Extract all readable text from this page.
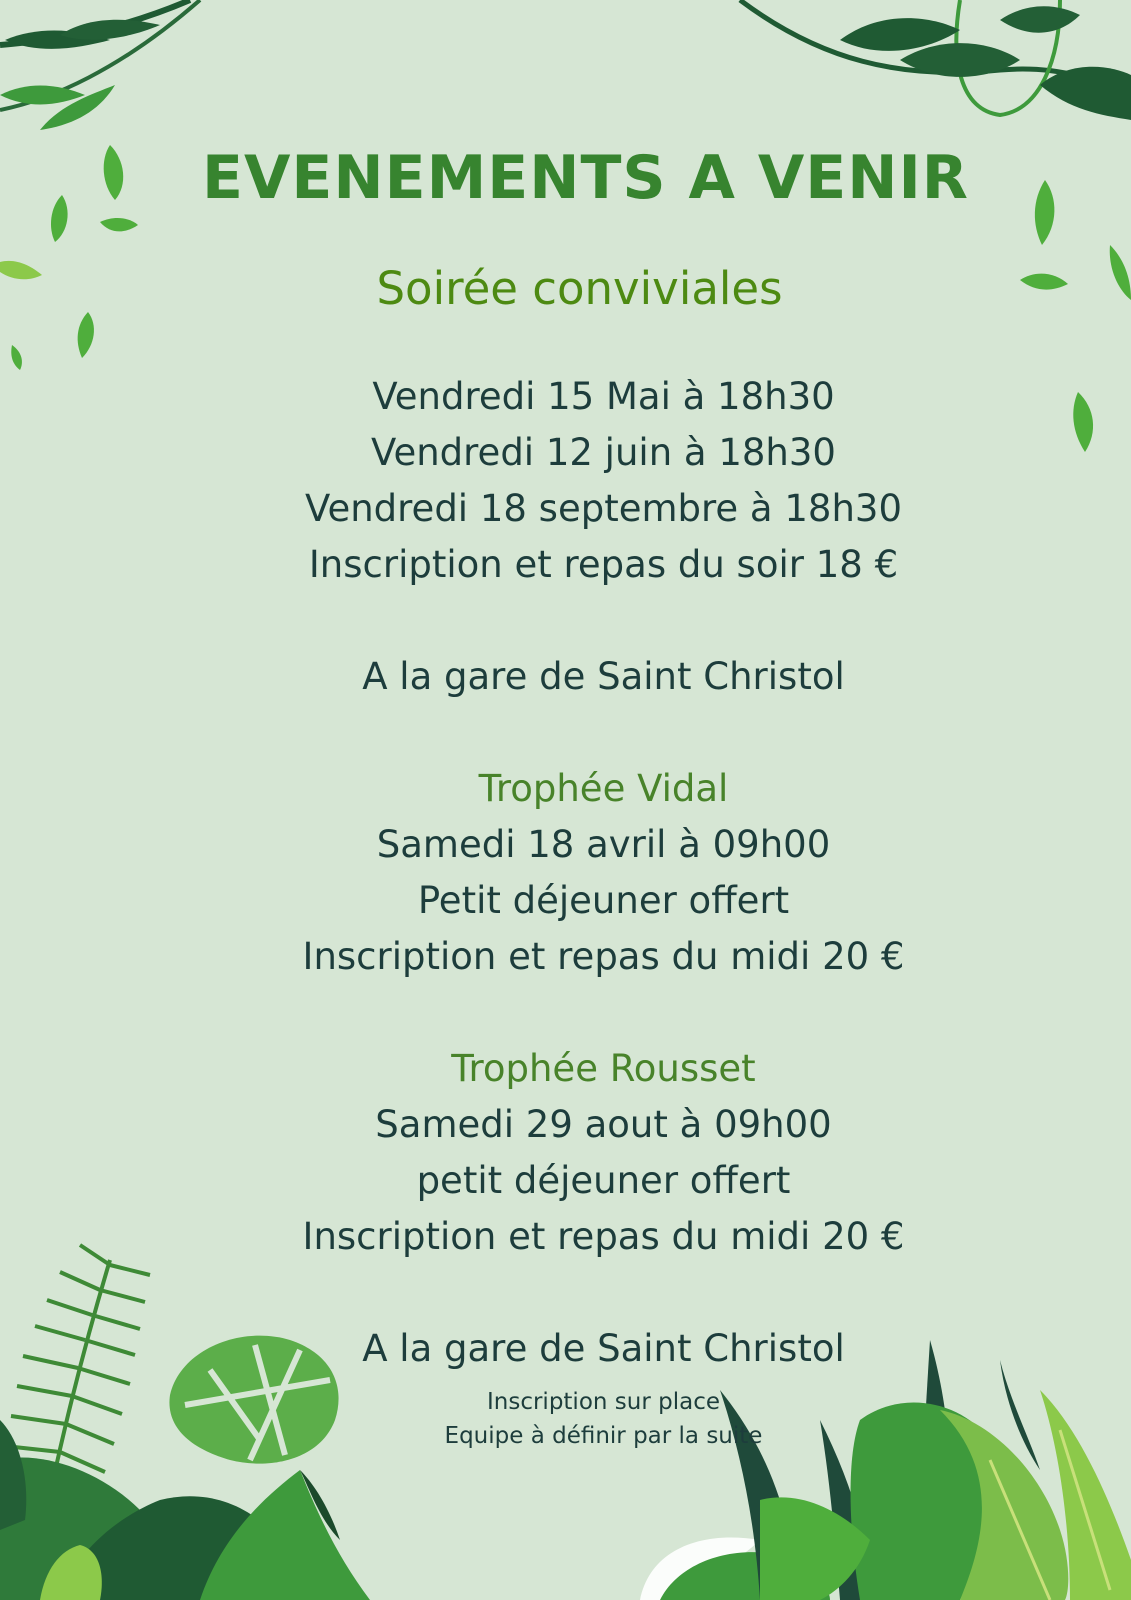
EVENEMENTS A VENIR
Soirée conviviales
Vendredi 15 Mai à 18h30
Vendredi 12 juin à 18h30
Vendredi 18 septembre à 18h30
Inscription et repas du soir 18 €
A la gare de Saint Christol
Trophée Vidal
Samedi 18 avril à 09h00
Petit déjeuner offert
Inscription et repas du midi 20 €
Trophée Rousset
Samedi 29 aout à 09h00
petit déjeuner offert
Inscription et repas du midi 20 €
A la gare de Saint Christol
Inscription sur place
Equipe à définir par la suite
